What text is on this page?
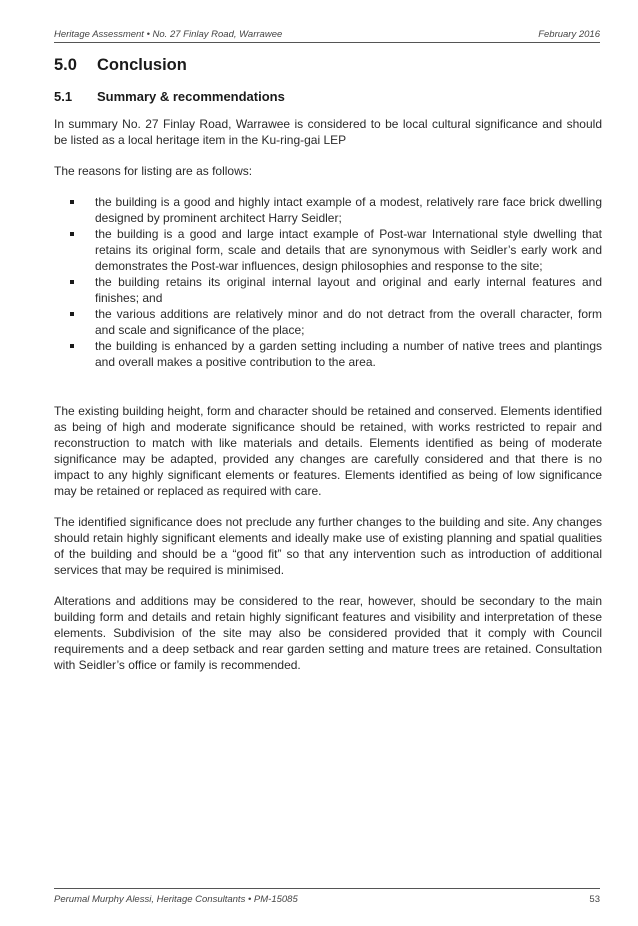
Heritage Assessment • No. 27 Finlay Road, Warrawee	February 2016
5.0	Conclusion
5.1	Summary & recommendations

In summary No. 27 Finlay Road, Warrawee is considered to be local cultural significance and should be listed as a local heritage item in the Ku-ring-gai LEP

The reasons for listing are as follows:

the building is a good and highly intact example of a modest, relatively rare face brick dwelling designed by prominent architect Harry Seidler;
the building is a good and large intact example of Post-war International style dwelling that retains its original form, scale and details that are synonymous with Seidler’s early work and demonstrates the Post-war influences, design philosophies and response to the site;
the building retains its original internal layout and original and early internal features and finishes; and
the various additions are relatively minor and do not detract from the overall character, form and scale and significance of the place;
the building is enhanced by a garden setting including a number of native trees and plantings and overall makes a positive contribution to the area.

The existing building height, form and character should be retained and conserved. Elements identified as being of high and moderate significance should be retained, with works restricted to repair and reconstruction to match with like materials and details. Elements identified as being of moderate significance may be adapted, provided any changes are carefully considered and that there is no impact to any highly significant elements or features. Elements identified as being of low significance may be retained or replaced as required with care.

The identified significance does not preclude any further changes to the building and site. Any changes should retain highly significant elements and ideally make use of existing planning and spatial qualities of the building and should be a “good fit” so that any intervention such as introduction of additional services that may be required is minimised.

Alterations and additions may be considered to the rear, however, should be secondary to the main building form and details and retain highly significant features and visibility and interpretation of these elements. Subdivision of the site may also be considered provided that it comply with Council requirements and a deep setback and rear garden setting and mature trees are retained. Consultation with Seidler’s office or family is recommended.

Perumal Murphy Alessi, Heritage Consultants • PM-15085	53
